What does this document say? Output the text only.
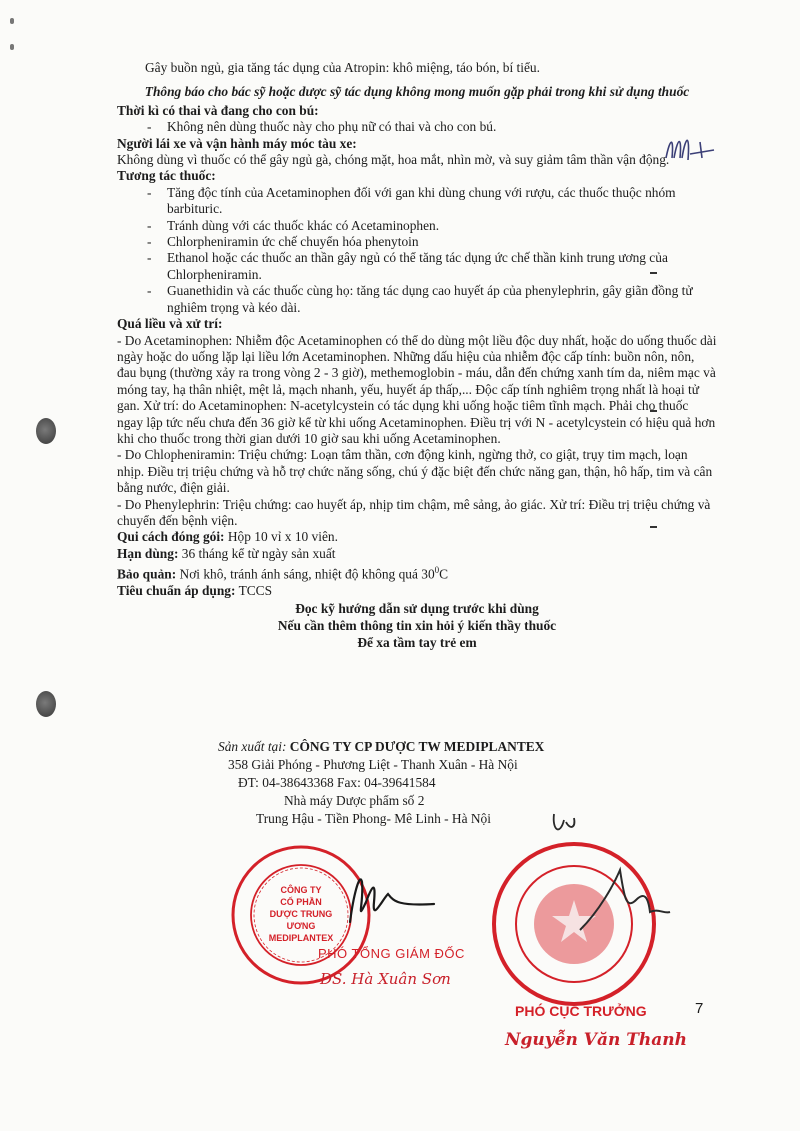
Gây buồn ngủ, gia tăng tác dụng của Atropin: khô miệng, táo bón, bí tiểu.

Thông báo cho bác sỹ hoặc dược sỹ tác dụng không mong muốn gặp phải trong khi sử dụng thuốc

Thời kì có thai và đang cho con bú:

- Không nên dùng thuốc này cho phụ nữ có thai và cho con bú.

Người lái xe và vận hành máy móc tàu xe:

Không dùng vì thuốc có thể gây ngủ gà, chóng mặt, hoa mắt, nhìn mờ, và suy giảm tâm thần vận động.

Tương tác thuốc:

- Tăng độc tính của Acetaminophen đối với gan khi dùng chung với rượu, các thuốc thuộc nhóm barbituric.
- Tránh dùng với các thuốc khác có Acetaminophen.
- Chlorpheniramin ức chế chuyển hóa phenytoin
- Ethanol hoặc các thuốc an thần gây ngủ có thể tăng tác dụng ức chế thần kinh trung ương của Chlorpheniramin.
- Guanethidin và các thuốc cùng họ: tăng tác dụng cao huyết áp của phenylephrin, gây giãn đồng tử nghiêm trọng và kéo dài.

Quá liều và xử trí:

- Do Acetaminophen: Nhiễm độc Acetaminophen có thể do dùng một liều độc duy nhất, hoặc do uống thuốc dài ngày hoặc do uống lặp lại liều lớn Acetaminophen. Những dấu hiệu của nhiễm độc cấp tính: buồn nôn, nôn, đau bụng (thường xảy ra trong vòng 2 - 3 giờ), methemoglobin - máu, dẫn đến chứng xanh tím da, niêm mạc và móng tay, hạ thân nhiệt, mệt lả, mạch nhanh, yếu, huyết áp thấp,... Độc cấp tính nghiêm trọng nhất là hoại tử gan. Xử trí: do Acetaminophen: N-acetylcystein có tác dụng khi uống hoặc tiêm tĩnh mạch. Phải cho thuốc ngay lập tức nếu chưa đến 36 giờ kể từ khi uống Acetaminophen. Điều trị với N - acetylcystein có hiệu quả hơn khi cho thuốc trong thời gian dưới 10 giờ sau khi uống Acetaminophen.

- Do Chlopheniramin: Triệu chứng: Loạn tâm thần, cơn động kinh, ngừng thở, co giật, trụy tim mạch, loạn nhịp. Điều trị triệu chứng và hỗ trợ chức năng sống, chú ý đặc biệt đến chức năng gan, thận, hô hấp, tim và cân bằng nước, điện giải.

- Do Phenylephrin: Triệu chứng: cao huyết áp, nhịp tim chậm, mê sảng, ảo giác. Xử trí: Điều trị triệu chứng và chuyển đến bệnh viện.

Qui cách đóng gói: Hộp 10 vỉ x 10 viên.

Hạn dùng: 36 tháng kể từ ngày sản xuất

Bảo quản: Nơi khô, tránh ánh sáng, nhiệt độ không quá $30^0C$

Tiêu chuẩn áp dụng: TCCS

Đọc kỹ hướng dẫn sử dụng trước khi dùng
Nếu cần thêm thông tin xin hỏi ý kiến thầy thuốc
Để xa tầm tay trẻ em
Sản xuất tại: CÔNG TY CP DƯỢC TW MEDIPLANTEX
358 Giải Phóng - Phương Liệt - Thanh Xuân - Hà Nội
ĐT: 04-38643368 Fax: 04-39641584
Nhà máy Dược phẩm số 2
Trung Hậu - Tiền Phong- Mê Linh - Hà Nội
CÔNG TY
CỔ PHẦN
DƯỢC TRUNG ƯƠNG
MEDIPLANTEX
PHÓ TỔNG GIÁM ĐỐC
DS. Hà Xuân Sơn
PHÓ CỤC TRƯỞNG
Nguyễn Văn Thanh
7
